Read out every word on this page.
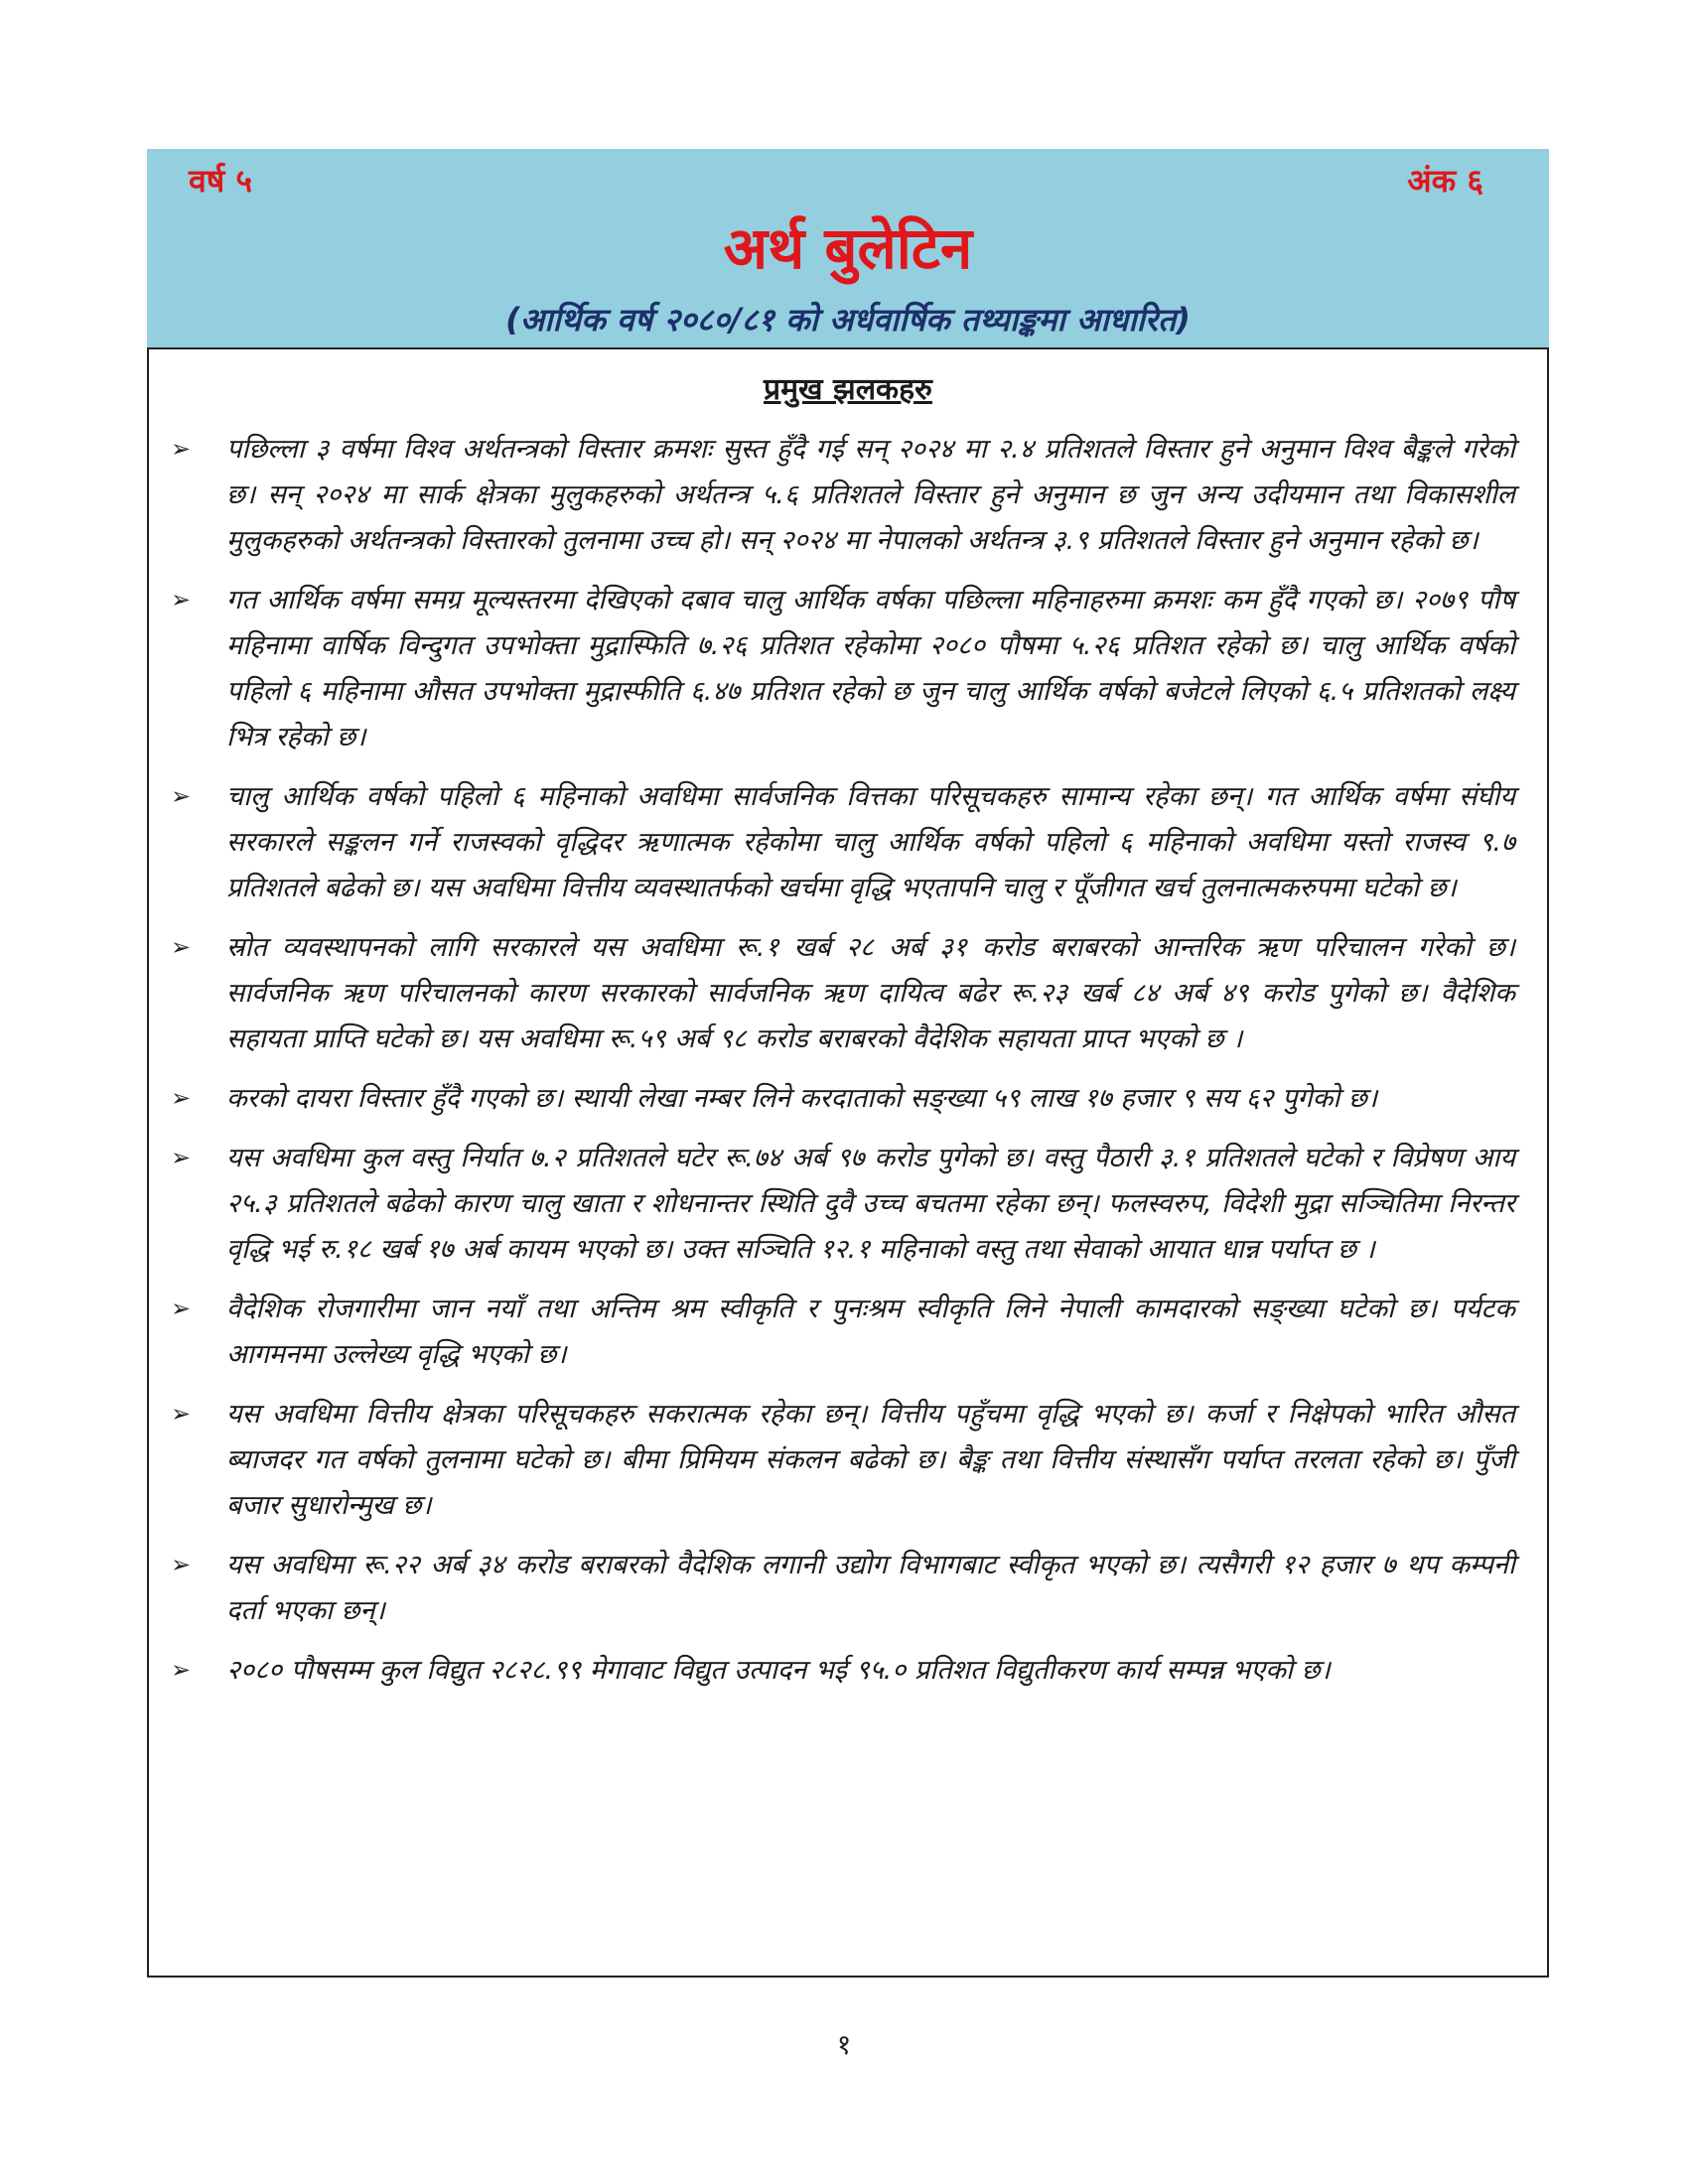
वर्ष ५	अंक ६
अर्थ बुलेटिन
(आर्थिक वर्ष २०८०/८१ को अर्धवार्षिक तथ्याङ्कमा आधारित)
प्रमुख झलकहरु
➢ पछिल्ला ३ वर्षमा विश्व अर्थतन्त्रको विस्तार क्रमशः सुस्त हुँदै गई सन् २०२४ मा २.४ प्रतिशतले विस्तार हुने अनुमान विश्व बैङ्कले गरेको छ। सन् २०२४ मा सार्क क्षेत्रका मुलुकहरुको अर्थतन्त्र ५.६ प्रतिशतले विस्तार हुने अनुमान छ जुन अन्य उदीयमान तथा विकासशील मुलुकहरुको अर्थतन्त्रको विस्तारको तुलनामा उच्च हो। सन् २०२४ मा नेपालको अर्थतन्त्र ३.९ प्रतिशतले विस्तार हुने अनुमान रहेको छ।
➢ गत आर्थिक वर्षमा समग्र मूल्यस्तरमा देखिएको दबाव चालु आर्थिक वर्षका पछिल्ला महिनाहरुमा क्रमशः कम हुँदै गएको छ। २०७९ पौष महिनामा वार्षिक विन्दुगत उपभोक्ता मुद्रास्फिति ७.२६ प्रतिशत रहेकोमा २०८० पौषमा ५.२६ प्रतिशत रहेको छ। चालु आर्थिक वर्षको पहिलो ६ महिनामा औसत उपभोक्ता मुद्रास्फीति ६.४७ प्रतिशत रहेको छ जुन चालु आर्थिक वर्षको बजेटले लिएको ६.५ प्रतिशतको लक्ष्य भित्र रहेको छ।
➢ चालु आर्थिक वर्षको पहिलो ६ महिनाको अवधिमा सार्वजनिक वित्तका परिसूचकहरु सामान्य रहेका छन्। गत आर्थिक वर्षमा संघीय सरकारले सङ्कलन गर्ने राजस्वको वृद्धिदर ऋणात्मक रहेकोमा चालु आर्थिक वर्षको पहिलो ६ महिनाको अवधिमा यस्तो राजस्व ९.७ प्रतिशतले बढेको छ। यस अवधिमा वित्तीय व्यवस्थातर्फको खर्चमा वृद्धि भएतापनि चालु र पूँजीगत खर्च तुलनात्मकरुपमा घटेको छ।
➢ स्रोत व्यवस्थापनको लागि सरकारले यस अवधिमा रू.१ खर्ब २८ अर्ब ३१ करोड बराबरको आन्तरिक ऋण परिचालन गरेको छ। सार्वजनिक ऋण परिचालनको कारण सरकारको सार्वजनिक ऋण दायित्व बढेर रू.२३ खर्ब ८४ अर्ब ४९ करोड पुगेको छ। वैदेशिक सहायता प्राप्ति घटेको छ। यस अवधिमा रू.५९ अर्ब ९८ करोड बराबरको वैदेशिक सहायता प्राप्त भएको छ ।
➢ करको दायरा विस्तार हुँदै गएको छ। स्थायी लेखा नम्बर लिने करदाताको सङ्ख्या ५९ लाख १७ हजार ९ सय ६२ पुगेको छ।
➢ यस अवधिमा कुल वस्तु निर्यात ७.२ प्रतिशतले घटेर रू.७४ अर्ब ९७ करोड पुगेको छ। वस्तु पैठारी ३.१ प्रतिशतले घटेको र विप्रेषण आय २५.३ प्रतिशतले बढेको कारण चालु खाता र शोधनान्तर स्थिति दुवै उच्च बचतमा रहेका छन्। फलस्वरुप, विदेशी मुद्रा सञ्चितिमा निरन्तर वृद्धि भई रु.१८ खर्ब १७ अर्ब कायम भएको छ। उक्त सञ्चिति १२.१ महिनाको वस्तु तथा सेवाको आयात धान्न पर्याप्त छ ।
➢ वैदेशिक रोजगारीमा जान नयाँ तथा अन्तिम श्रम स्वीकृति र पुनःश्रम स्वीकृति लिने नेपाली कामदारको सङ्ख्या घटेको छ। पर्यटक आगमनमा उल्लेख्य वृद्धि भएको छ।
➢ यस अवधिमा वित्तीय क्षेत्रका परिसूचकहरु सकरात्मक रहेका छन्। वित्तीय पहुँचमा वृद्धि भएको छ। कर्जा र निक्षेपको भारित औसत ब्याजदर गत वर्षको तुलनामा घटेको छ। बीमा प्रिमियम संकलन बढेको छ। बैङ्क तथा वित्तीय संस्थासँग पर्याप्त तरलता रहेको छ। पुँजी बजार सुधारोन्मुख छ।
➢ यस अवधिमा रू.२२ अर्ब ३४ करोड बराबरको वैदेशिक लगानी उद्योग विभागबाट स्वीकृत भएको छ। त्यसैगरी १२ हजार ७ थप कम्पनी दर्ता भएका छन्।
➢ २०८० पौषसम्म कुल विद्युत २८२८.९९ मेगावाट विद्युत उत्पादन भई ९५.० प्रतिशत विद्युतीकरण कार्य सम्पन्न भएको छ।
१
